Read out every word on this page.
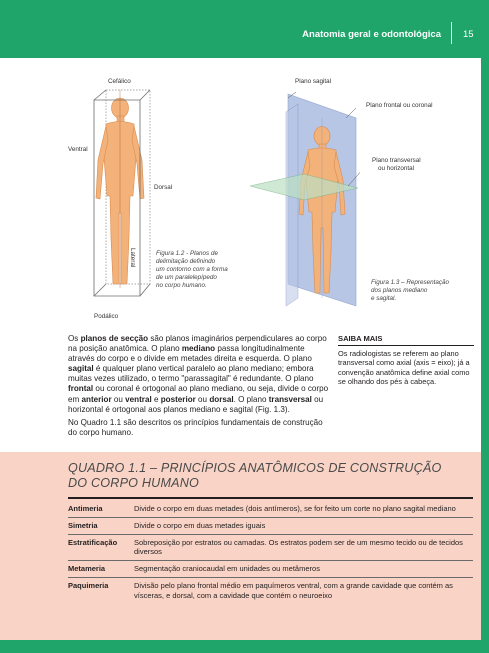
Anatomia geral e odontológica 15
Cefálico
Ventral
Dorsal
Lateral
Podálico
Figura 1.2 - Planos de
delimitação definindo
um contorno com a forma
de um paralelepípedo
no corpo humano.
Plano sagital
Plano frontal ou coronal
Plano transversal
ou horizontal
Figura 1.3 – Representação
dos planos mediano
e sagital.

Os planos de secção são planos imaginários perpendiculares ao corpo na posição anatômica. O plano mediano passa longitudinalmente através do corpo e o divide em metades direita e esquerda. O plano sagital é qualquer plano vertical paralelo ao plano mediano; embora muitas vezes utilizado, o termo "parassagital" é redundante. O plano frontal ou coronal é ortogonal ao plano mediano, ou seja, divide o corpo em anterior ou ventral e posterior ou dorsal. O plano transversal ou horizontal é ortogonal aos planos mediano e sagital (Fig. 1.3).

No Quadro 1.1 são descritos os princípios fundamentais de construção do corpo humano.

SAIBA MAIS
Os radiologistas se referem ao plano transversal como axial (axis = eixo); já a convenção anatômica define axial como se olhando dos pés à cabeça.
QUADRO 1.1 – PRINCÍPIOS ANATÔMICOS DE CONSTRUÇÃO DO CORPO HUMANO
Antimeria	Divide o corpo em duas metades (dois antímeros), se for feito um corte no plano sagital mediano
Simetria	Divide o corpo em duas metades iguais
Estratificação	Sobreposição por estratos ou camadas. Os estratos podem ser de um mesmo tecido ou de tecidos diversos
Metameria	Segmentação craniocaudal em unidades ou metâmeros
Paquimeria	Divisão pelo plano frontal médio em paquímeros ventral, com a grande cavidade que contém as vísceras, e dorsal, com a cavidade que contém o neuroeixo
